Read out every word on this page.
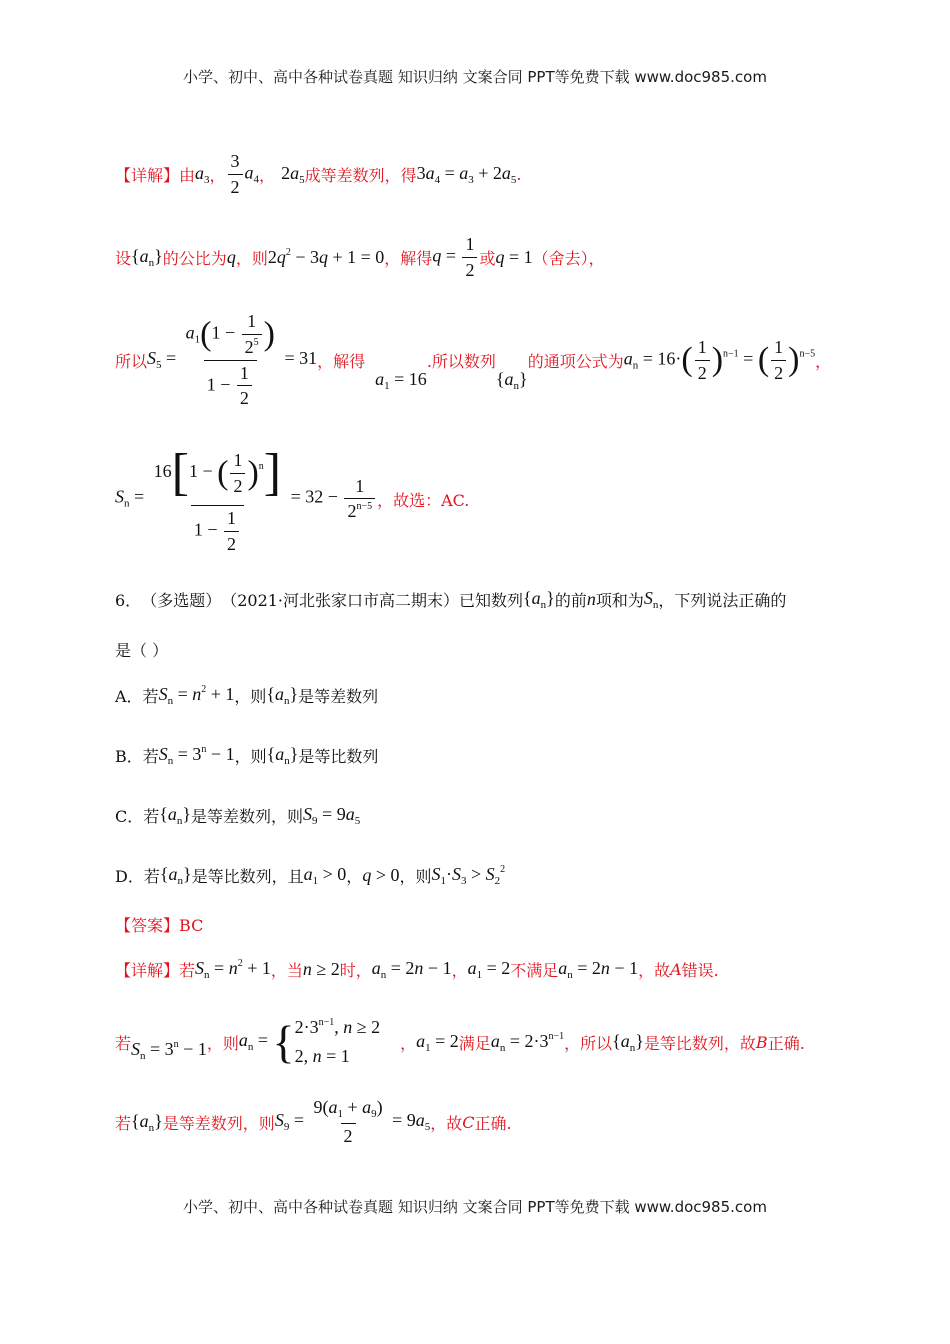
小学、初中、高中各种试卷真题 知识归纳 文案合同 PPT等免费下载 www.doc985.com
【详解】 由 $a_3$ ， $\frac{3}{2} a_4$ ， $2a_5$ 成等差数列，得 $3a_4 = a_3 + 2a_5$ .
设 $\{a_n\}$ 的公比为 q ，则 $2q^2 - 3q + 1 = 0$ ，解得 $q = \frac{1}{2}$ 或 q = 1 （舍去），
所以 $S_5 = \frac{a_1(1 - \frac{1}{2^5} )}{1 - \frac{1}{2}} = 31$ ，解得
$a_1 = 16$
.所以数列
$\{a_n\}$
的通项公式为 $a_n = 16\cdot( \frac{1}{2} )^{n-1}$ = ( $\frac{1}{2} )^{n-5}$ ，
$S_n = \frac{16[1 - ( \frac{1}{2} )^n]}{1 - \frac{1}{2}} = 32 - \frac{1}{2^{n-5}}$ ，故选：AC.
6． （多选题） （2021·河北张家口市高二期末） 已知数列 $\{a_n\}$ 的前 n 项和为 $S_n$ ，下列说法正确的
是（ ）
A．若 $S_n = n^2 + 1$ ，则 $\{a_n\}$ 是等差数列
B．若 $S_n = 3^n - 1$ ，则 $\{a_n\}$ 是等比数列
C．若 $\{a_n\}$ 是等差数列，则 $S_9 = 9a_5$
D．若 $\{a_n\}$ 是等比数列，且 $a_1 > 0$ ， q > 0 ，则 $S_1\cdot S_3 > S_2^2$
【答案】BC
【详解】 若 $S_n = n^2 + 1$ ，当 n ≥ 2 时， $a_n = 2n - 1$ ， $a_1 = 2$ 不满足 $a_n = 2n - 1$ ，故 A 错误.
若 $S_n = 3^n - 1$ ，则 $a_n$ = { $2\cdot 3^{n-1}$, n ≥ 2
2, n = 1
， $a_1 = 2$ 满足 $a_n = 2\cdot 3^{n-1}$ ，所以 $\{a_n\}$ 是等比数列，故 B 正确.
若 $\{a_n\}$ 是等差数列，则 $S_9 = \frac{9(a_1 + a_9)}{2} = 9a_5$ ，故 C 正确.
小学、初中、高中各种试卷真题 知识归纳 文案合同 PPT等免费下载 www.doc985.com
